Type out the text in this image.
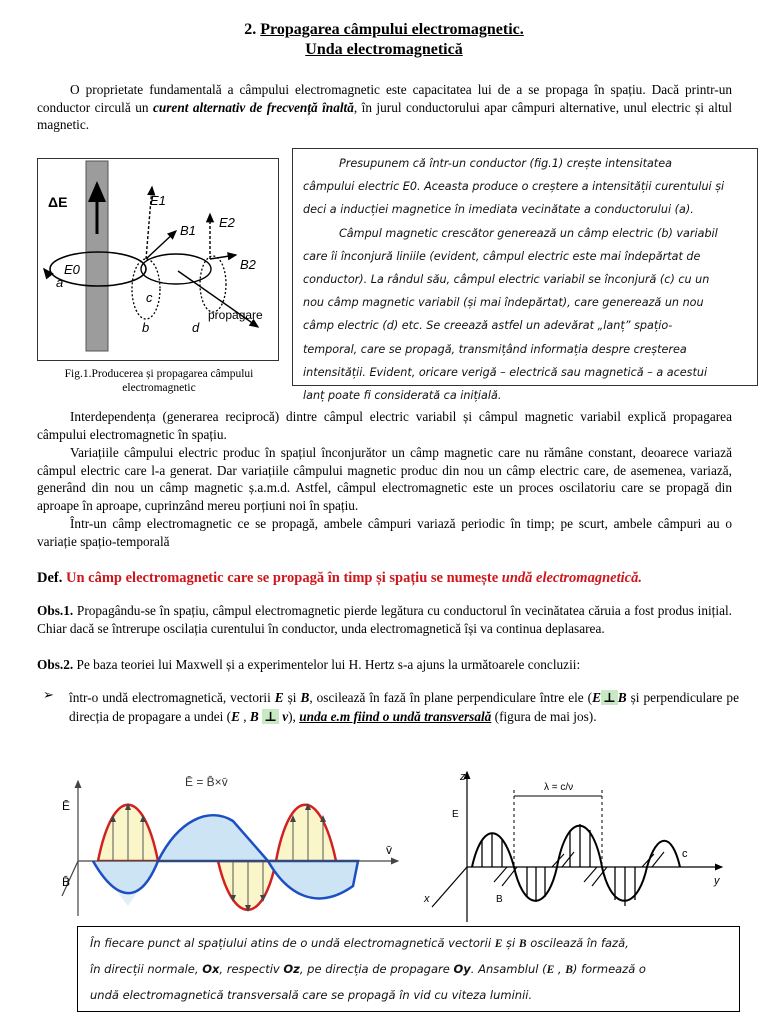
2. Propagarea câmpului electromagnetic.
Unda electromagnetică
O proprietate fundamentală a câmpului electromagnetic este capacitatea lui de a se propaga în spațiu. Dacă printr-un conductor circulă un curent alternativ de frecvență înaltă, în jurul conductorului apar câmpuri alternative, unul electric și altul magnetic.
ΔE	E1
E2
B1
B2
E0
a
b
c
d
propagare
Fig.1.Producerea și propagarea câmpului electromagnetic
Presupunem că într-un conductor (fig.1) crește intensitatea
câmpului electric E0. Aceasta produce o creștere a intensității curentului și
deci a inducției magnetice în imediata vecinătate a conductorului (a).
Câmpul magnetic crescător generează un câmp electric (b) variabil
care îi înconjură liniile (evident, câmpul electric este mai îndepărtat de
conductor). La rândul său, câmpul electric variabil se înconjură (c) cu un
nou câmp magnetic variabil (și mai îndepărtat), care generează un nou
câmp electric (d) etc. Se creează astfel un adevărat „lanț” spațio-
temporal, care se propagă, transmițând informația despre creșterea
intensității. Evident, oricare verigă – electrică sau magnetică – a acestui
lanț poate fi considerată ca inițială.
Interdependența (generarea reciprocă) dintre câmpul electric variabil și câmpul magnetic variabil explică propagarea câmpului electromagnetic în spațiu.
Variațiile câmpului electric produc în spațiul înconjurător un câmp magnetic care nu rămâne constant, deoarece variază câmpul electric care l-a generat. Dar variațiile câmpului magnetic produc din nou un câmp electric care, de asemenea, variază, generând din nou un câmp magnetic ș.a.m.d. Astfel, câmpul electromagnetic este un proces oscilatoriu care se propagă din aproape în aproape, cuprinzând mereu porțiuni noi în spațiu.
Într-un câmp electromagnetic ce se propagă, ambele câmpuri variază periodic în timp; pe scurt, ambele câmpuri au o variație spațio-temporală
Def. Un câmp electromagnetic care se propagă în timp și spațiu se numește undă electromagnetică.
Obs.1. Propagându-se în spațiu, câmpul electromagnetic pierde legătura cu conductorul în vecinătatea căruia a fost produs inițial. Chiar dacă se întrerupe oscilația curentului în conductor, unda electromagnetică își va continua deplasarea.
Obs.2. Pe baza teoriei lui Maxwell și a experimentelor lui H. Hertz s-a ajuns la următoarele concluzii:
➢ într-o undă electromagnetică, vectorii E și B, oscilează în fază în plane perpendiculare între ele (E ⊥ B și perpendiculare pe direcția de propagare a undei (E , B ⊥ v), unda e.m fiind o undă transversală (figura de mai jos).
Ē = B̄×v̄
Ē
B̄
v̄
z
y
x
E
c
λ = c/ν
B
În fiecare punct al spațiului atins de o undă electromagnetică vectorii E și B oscilează în fază,
în direcții normale, Ox, respectiv Oz, pe direcția de propagare Oy. Ansamblul (E , B) formează o
undă electromagnetică transversală care se propagă în vid cu viteza luminii.
